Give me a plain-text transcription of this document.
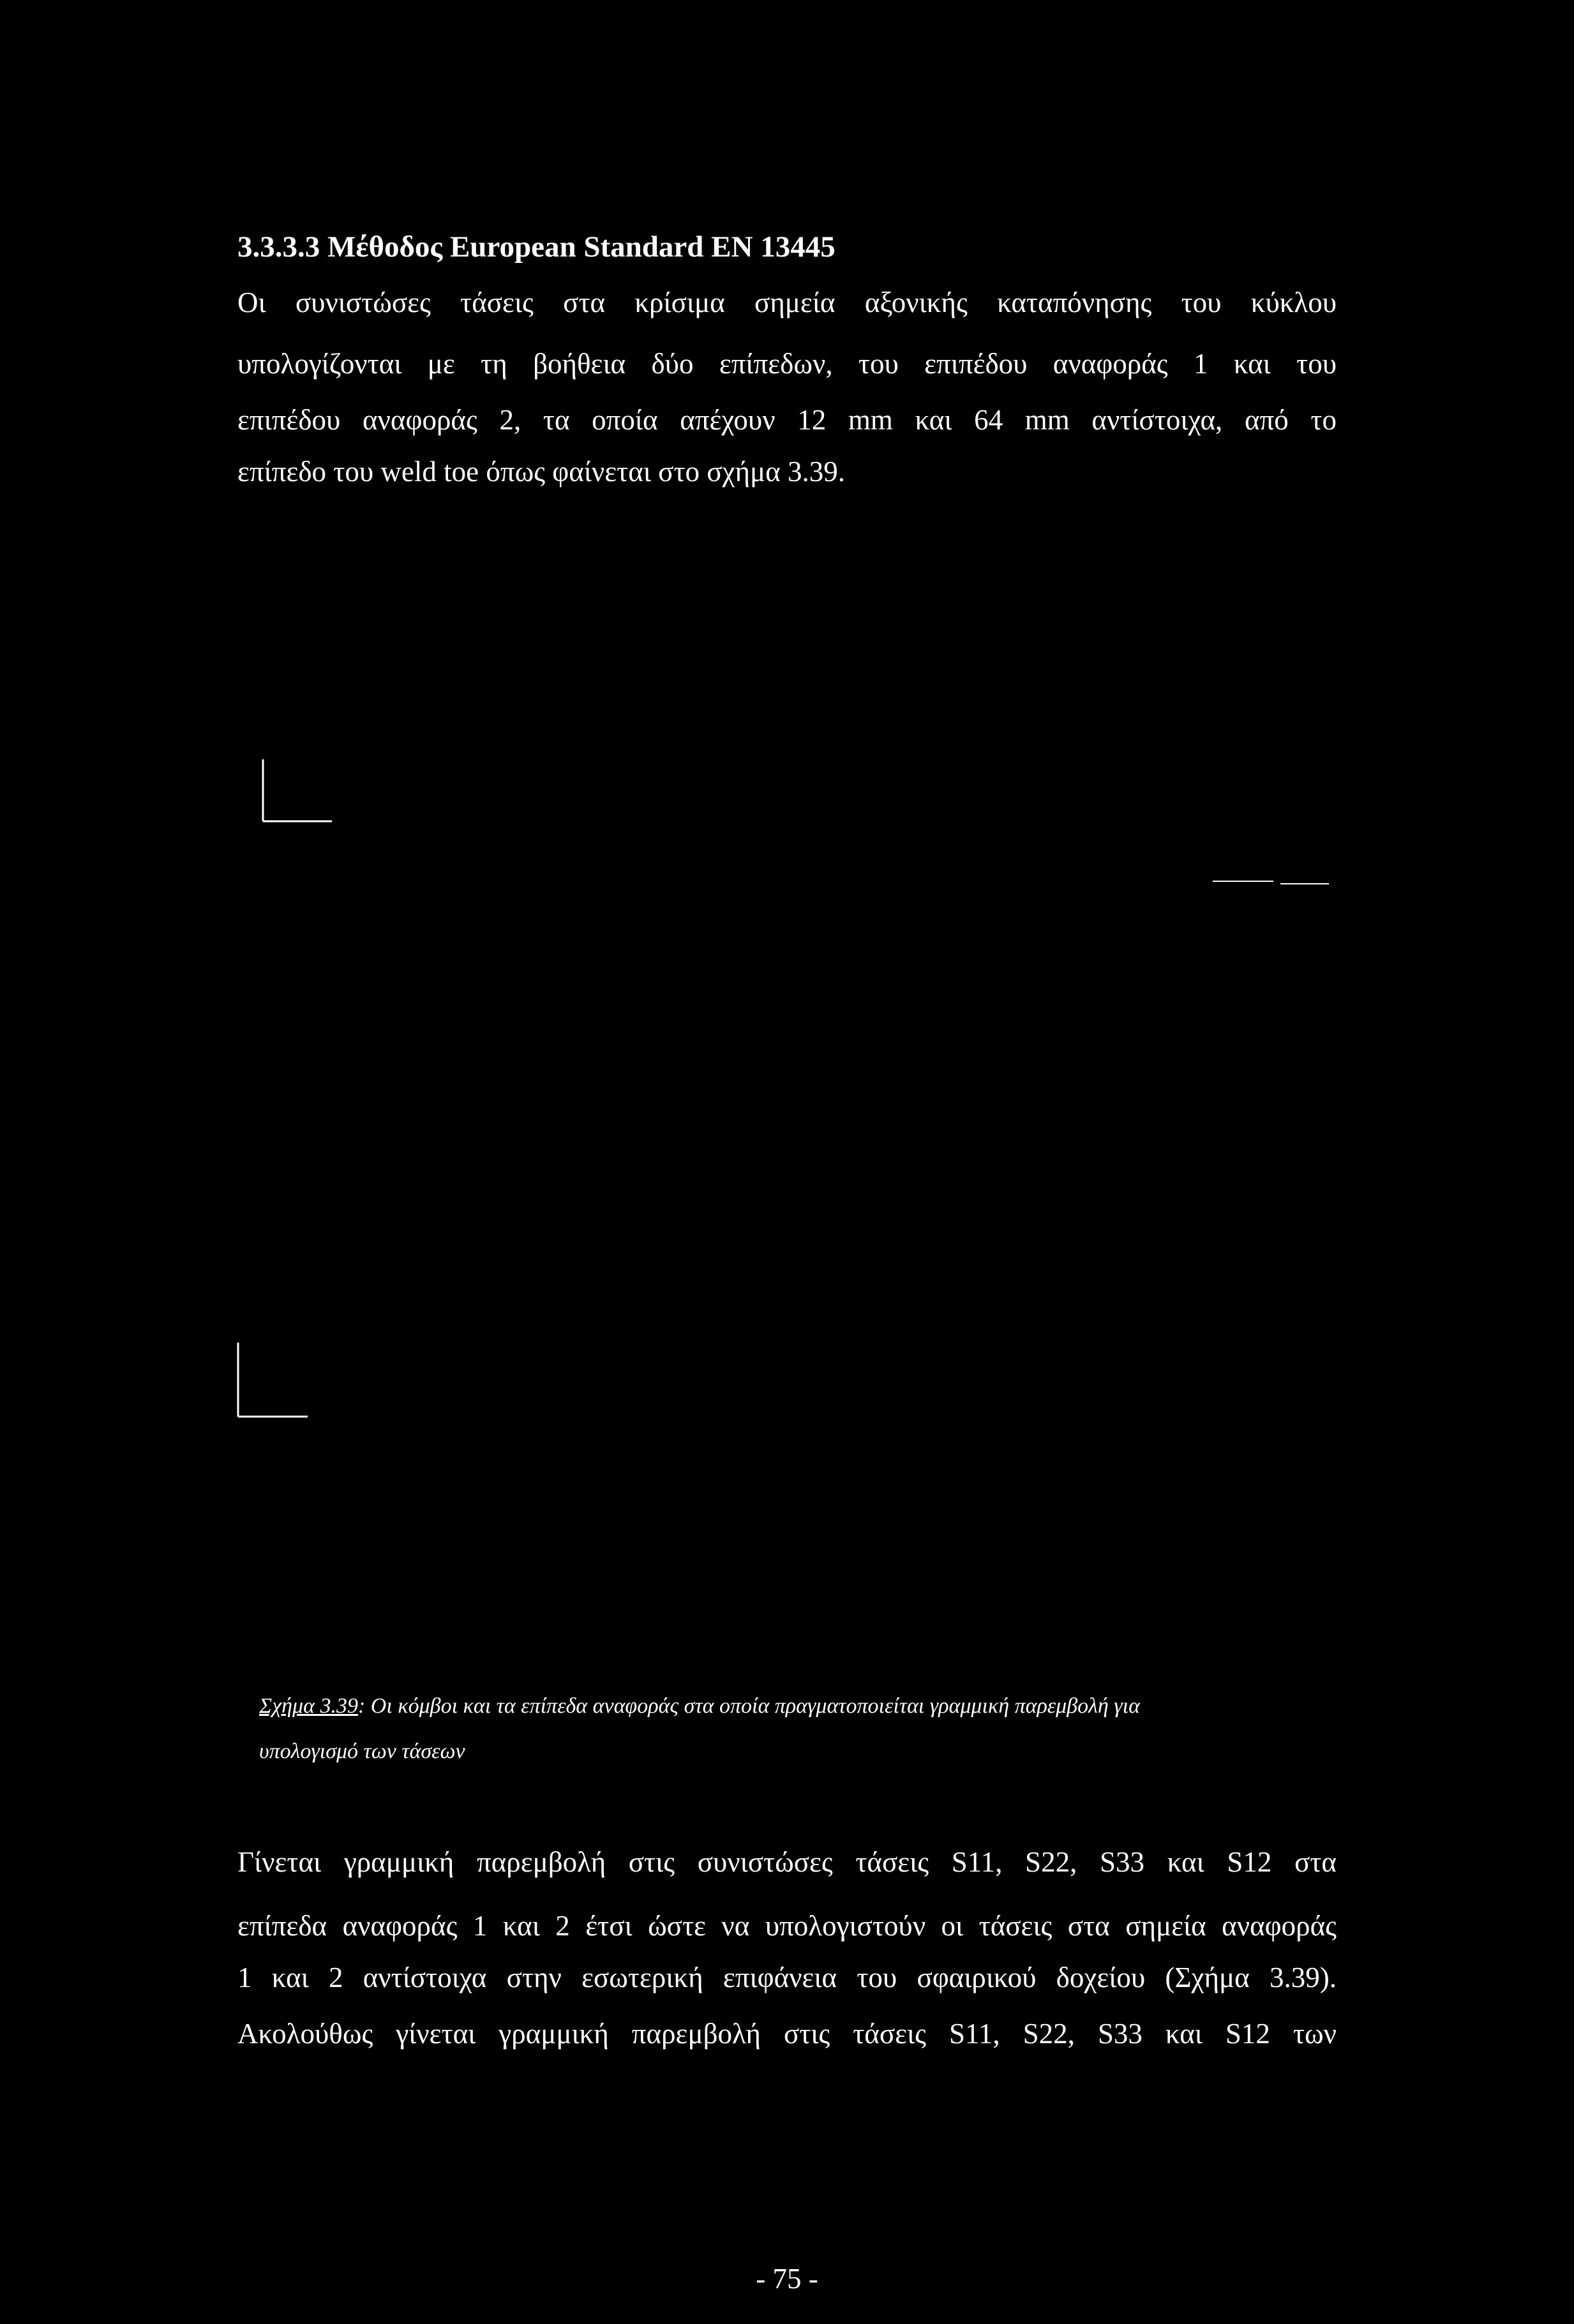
3.3.3.3 Μέθοδος European Standard EN 13445
Οι συνιστώσες τάσεις στα κρίσιμα σημεία αξονικής καταπόνησης του κύκλου
υπολογίζονται με τη βοήθεια δύο επίπεδων, του επιπέδου αναφοράς 1 και του
επιπέδου αναφοράς 2, τα οποία απέχουν 12 mm και 64 mm αντίστοιχα, από το
επίπεδο του weld toe όπως φαίνεται στο σχήμα 3.39.
Σχήμα 3.39: Οι κόμβοι και τα επίπεδα αναφοράς στα οποία πραγματοποιείται γραμμική παρεμβολή για
υπολογισμό των τάσεων
Γίνεται γραμμική παρεμβολή στις συνιστώσες τάσεις S11, S22, S33 και S12 στα
επίπεδα αναφοράς 1 και 2 έτσι ώστε να υπολογιστούν οι τάσεις στα σημεία αναφοράς
1 και 2 αντίστοιχα στην εσωτερική επιφάνεια του σφαιρικού δοχείου (Σχήμα 3.39).
Ακολούθως γίνεται γραμμική παρεμβολή στις τάσεις S11, S22, S33 και S12 των
- 75 -
